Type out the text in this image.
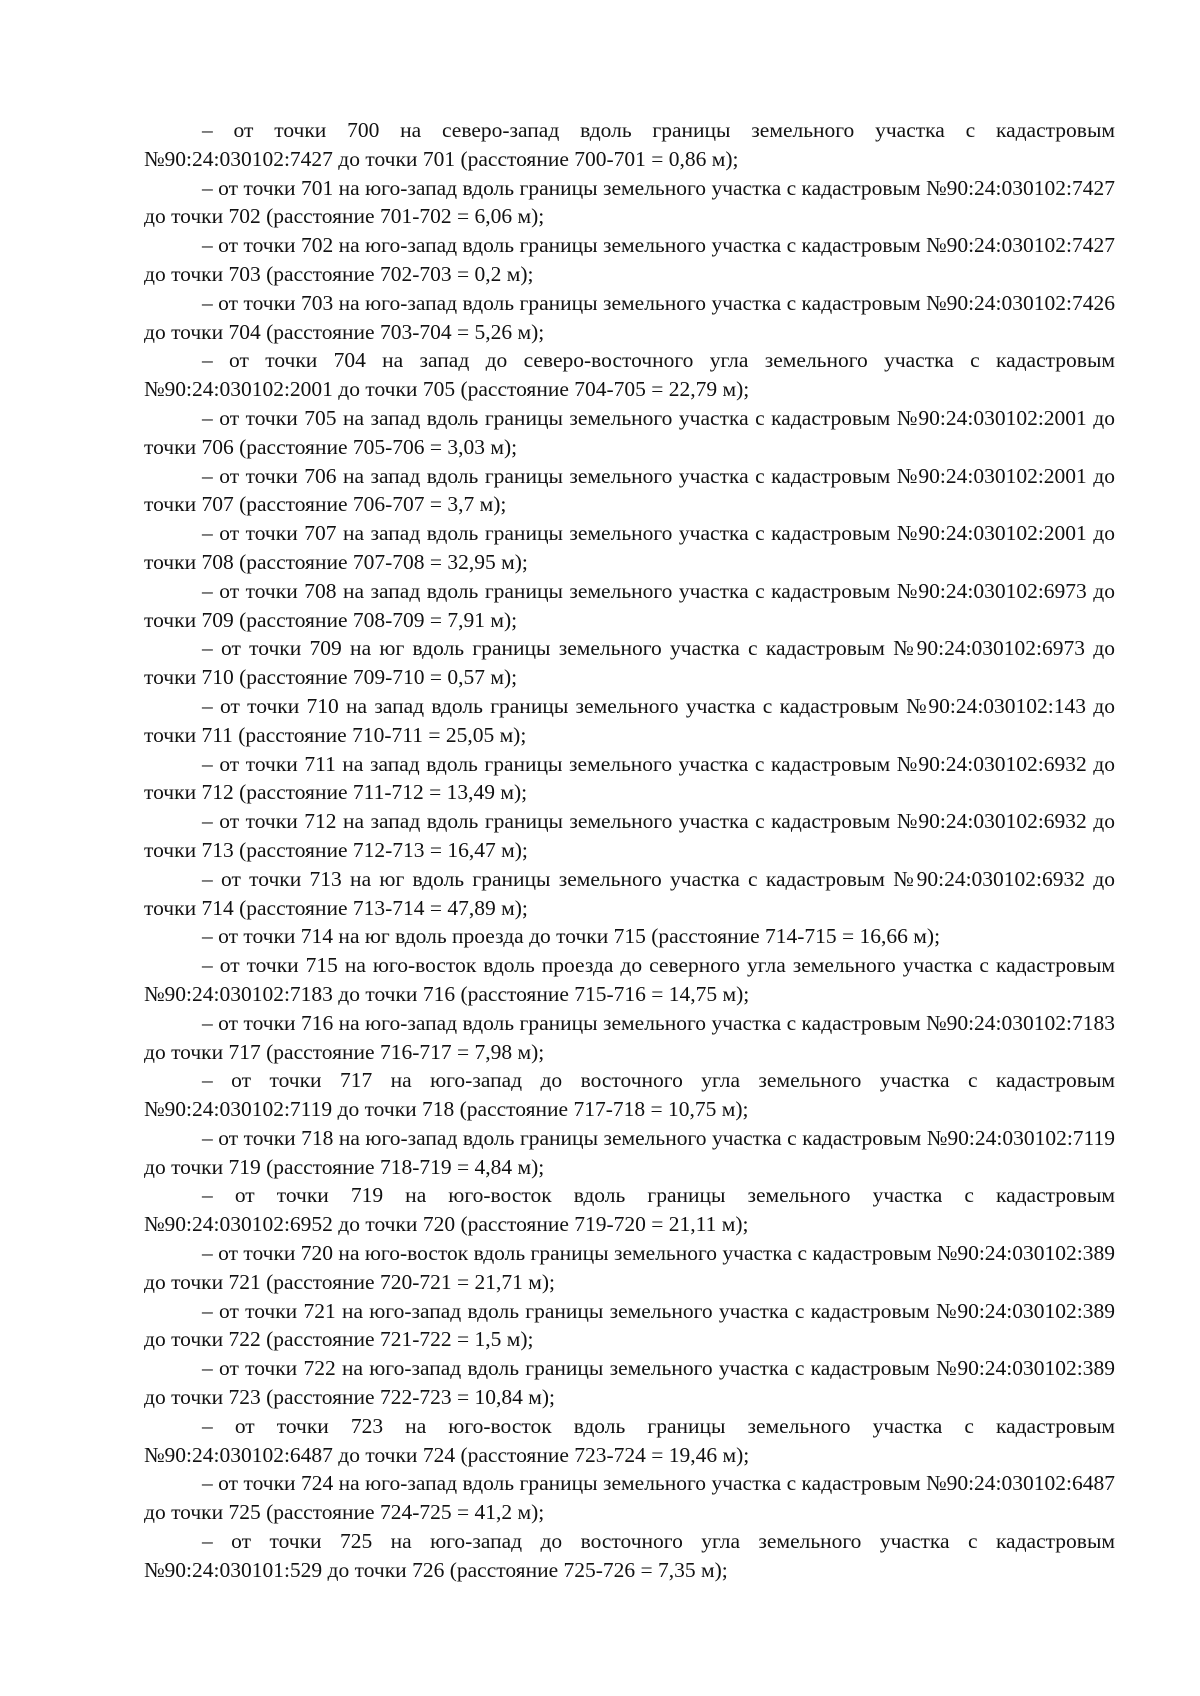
– от точки 700 на северо-запад вдоль границы земельного участка с кадастровым №90:24:030102:7427 до точки 701 (расстояние 700-701 = 0,86 м);

– от точки 701 на юго-запад вдоль границы земельного участка с кадастровым №90:24:030102:7427 до точки 702 (расстояние 701-702 = 6,06 м);

– от точки 702 на юго-запад вдоль границы земельного участка с кадастровым №90:24:030102:7427 до точки 703 (расстояние 702-703 = 0,2 м);

– от точки 703 на юго-запад вдоль границы земельного участка с кадастровым №90:24:030102:7426 до точки 704 (расстояние 703-704 = 5,26 м);

– от точки 704 на запад до северо-восточного угла земельного участка с кадастровым №90:24:030102:2001 до точки 705 (расстояние 704-705 = 22,79 м);

– от точки 705 на запад вдоль границы земельного участка с кадастровым №90:24:030102:2001 до точки 706 (расстояние 705-706 = 3,03 м);

– от точки 706 на запад вдоль границы земельного участка с кадастровым №90:24:030102:2001 до точки 707 (расстояние 706-707 = 3,7 м);

– от точки 707 на запад вдоль границы земельного участка с кадастровым №90:24:030102:2001 до точки 708 (расстояние 707-708 = 32,95 м);

– от точки 708 на запад вдоль границы земельного участка с кадастровым №90:24:030102:6973 до точки 709 (расстояние 708-709 = 7,91 м);

– от точки 709 на юг вдоль границы земельного участка с кадастровым №90:24:030102:6973 до точки 710 (расстояние 709-710 = 0,57 м);

– от точки 710 на запад вдоль границы земельного участка с кадастровым №90:24:030102:143 до точки 711 (расстояние 710-711 = 25,05 м);

– от точки 711 на запад вдоль границы земельного участка с кадастровым №90:24:030102:6932 до точки 712 (расстояние 711-712 = 13,49 м);

– от точки 712 на запад вдоль границы земельного участка с кадастровым №90:24:030102:6932 до точки 713 (расстояние 712-713 = 16,47 м);

– от точки 713 на юг вдоль границы земельного участка с кадастровым №90:24:030102:6932 до точки 714 (расстояние 713-714 = 47,89 м);

– от точки 714 на юг вдоль проезда до точки 715 (расстояние 714-715 = 16,66 м);

– от точки 715 на юго-восток вдоль проезда до северного угла земельного участка с кадастровым №90:24:030102:7183 до точки 716 (расстояние 715-716 = 14,75 м);

– от точки 716 на юго-запад вдоль границы земельного участка с кадастровым №90:24:030102:7183 до точки 717 (расстояние 716-717 = 7,98 м);

– от точки 717 на юго-запад до восточного угла земельного участка с кадастровым №90:24:030102:7119 до точки 718 (расстояние 717-718 = 10,75 м);

– от точки 718 на юго-запад вдоль границы земельного участка с кадастровым №90:24:030102:7119 до точки 719 (расстояние 718-719 = 4,84 м);

– от точки 719 на юго-восток вдоль границы земельного участка с кадастровым №90:24:030102:6952 до точки 720 (расстояние 719-720 = 21,11 м);

– от точки 720 на юго-восток вдоль границы земельного участка с кадастровым №90:24:030102:389 до точки 721 (расстояние 720-721 = 21,71 м);

– от точки 721 на юго-запад вдоль границы земельного участка с кадастровым №90:24:030102:389 до точки 722 (расстояние 721-722 = 1,5 м);

– от точки 722 на юго-запад вдоль границы земельного участка с кадастровым №90:24:030102:389 до точки 723 (расстояние 722-723 = 10,84 м);

– от точки 723 на юго-восток вдоль границы земельного участка с кадастровым №90:24:030102:6487 до точки 724 (расстояние 723-724 = 19,46 м);

– от точки 724 на юго-запад вдоль границы земельного участка с кадастровым №90:24:030102:6487 до точки 725 (расстояние 724-725 = 41,2 м);

– от точки 725 на юго-запад до восточного угла земельного участка с кадастровым №90:24:030101:529 до точки 726 (расстояние 725-726 = 7,35 м);
